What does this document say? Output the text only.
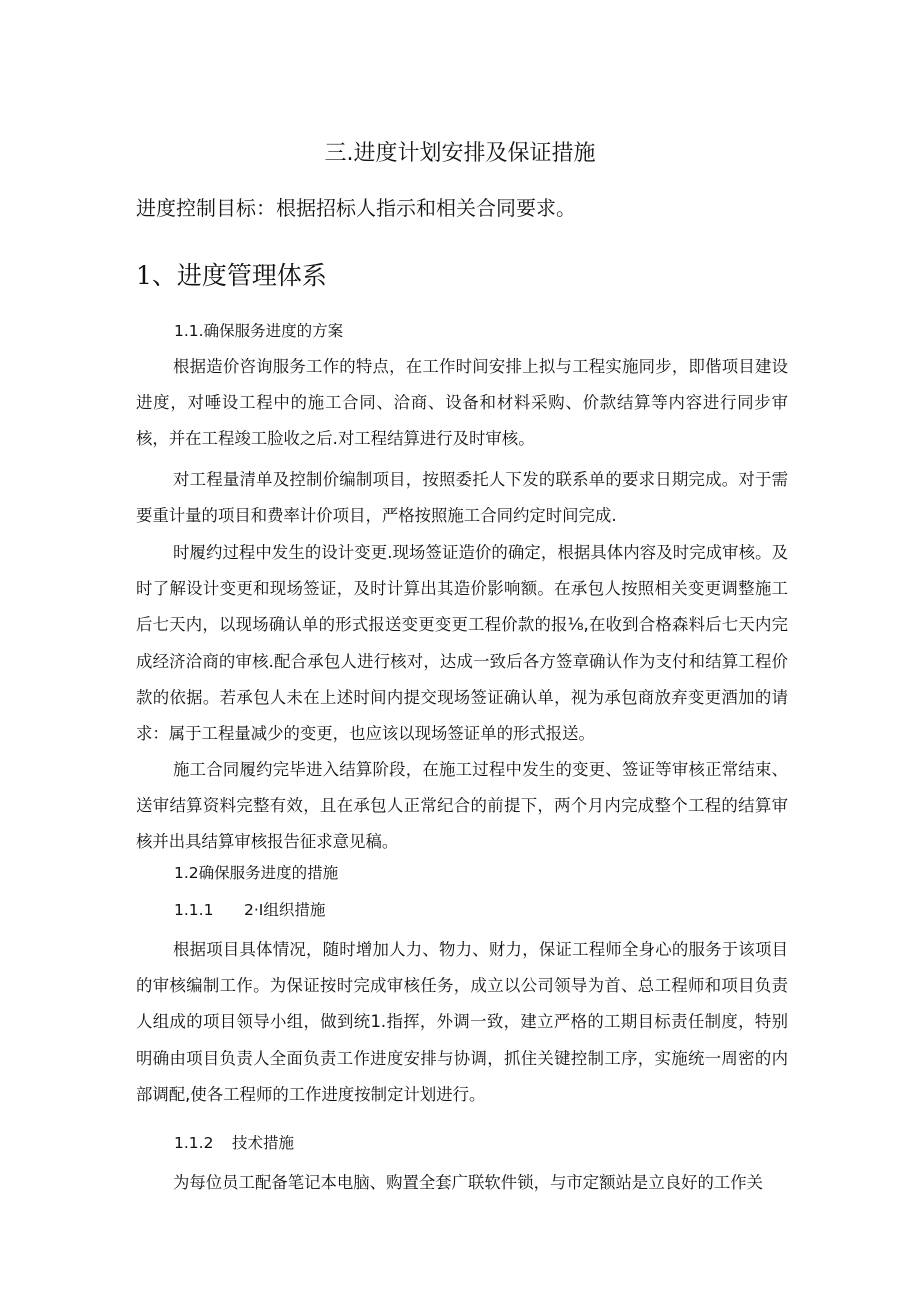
三.进度计划安排及保证措施

进度控制目标：根据招标人指示和相关合同要求。

1、进度管理体系

1.1.确保服务进度的方案

根据造价咨询服务工作的特点，在工作时间安排上拟与工程实施同步，即偕项目建设进度，对唾设工程中的施工合同、洽商、设备和材料采购、价款结算等内容进行同步审核，并在工程竣工脸收之后.对工程结算进行及时审核。

对工程量清单及控制价编制项目，按照委托人下发的联系单的要求日期完成。对于需要重计量的项目和费率计价项目，严格按照施工合同约定时间完成.

时履约过程中发生的设计变更.现场签证造价的确定，根据具体内容及时完成审核。及时了解设计变更和现场签证，及时计算出其造价影响额。在承包人按照相关变更调整施工后七天内，以现场确认单的形式报送变更变更工程价款的报⅛,在收到合格森料后七天内完成经济洽商的审核.配合承包人进行核对，达成一致后各方签章确认作为支付和结算工程价款的依据。若承包人未在上述时间内提交现场签证确认单，视为承包商放弃变更酒加的请求：属于工程量减少的变更，也应该以现场签证单的形式报送。

施工合同履约完毕进入结算阶段，在施工过程中发生的变更、签证等审核正常结束、送审结算资料完整有效，且在承包人正常纪合的前提下，两个月内完成整个工程的结算审核并出具结算审核报告征求意见稿。

1.2确保服务进度的措施

1.1.1 2·I组织措施

根据项目具体情况，随时增加人力、物力、财力，保证工程师全身心的服务于该项目的审核编制工作。为保证按时完成审核任务，成立以公司领导为首、总工程师和项目负责人组成的项目领导小组，做到统1.指挥，外调一致，建立严格的工期目标责任制度，特别明确由项目负责人全面负责工作进度安排与协调，抓住关键控制工序，实施统一周密的内部调配,使各工程师的工作进度按制定计划进行。

1.1.2 技术措施

为每位员工配备笔记本电脑、购置全套广联软件锁，与市定额站是立良好的工作关
